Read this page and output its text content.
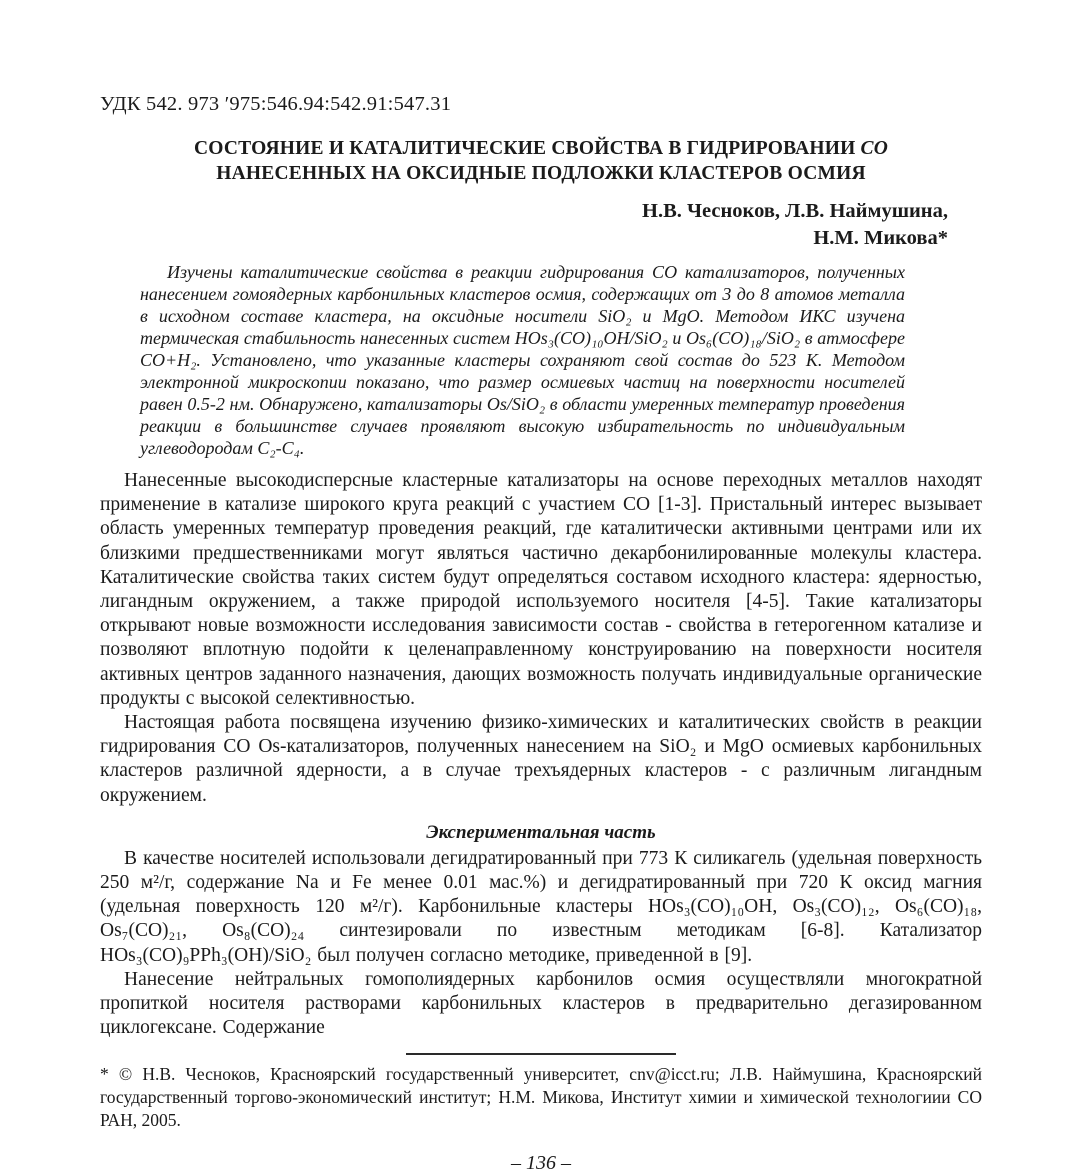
УДК 542. 973 ′975:546.94:542.91:547.31
СОСТОЯНИЕ И КАТАЛИТИЧЕСКИЕ СВОЙСТВА В ГИДРИРОВАНИИ СО
НАНЕСЕННЫХ НА ОКСИДНЫЕ ПОДЛОЖКИ КЛАСТЕРОВ ОСМИЯ
Н.В. Чесноков, Л.В. Наймушина,
Н.М. Микова*

Изучены каталитические свойства в реакции гидрирования СО катализаторов, полученных нанесением гомоядерных карбонильных кластеров осмия, содержащих от 3 до 8 атомов металла в исходном составе кластера, на оксидные носители SiO₂ и MgO. Методом ИКС изучена термическая стабильность нанесенных систем HOs₃(CO)₁₀OH/SiO₂ и Os₆(CO)₁₈/SiO₂ в атмосфере CO+H₂. Установлено, что указанные кластеры сохраняют свой состав до 523 К. Методом электронной микроскопии показано, что размер осмиевых частиц на поверхности носителей равен 0.5-2 нм. Обнаружено, катализаторы Os/SiO₂ в области умеренных температур проведения реакции в большинстве случаев проявляют высокую избирательность по индивидуальным углеводородам C₂-C₄.

Нанесенные высокодисперсные кластерные катализаторы на основе переходных металлов находят применение в катализе широкого круга реакций с участием СО [1-3]. Пристальный интерес вызывает область умеренных температур проведения реакций, где каталитически активными центрами или их близкими предшественниками могут являться частично декарбонилированные молекулы кластера. Каталитические свойства таких систем будут определяться составом исходного кластера: ядерностью, лигандным окружением, а также природой используемого носителя [4-5]. Такие катализаторы открывают новые возможности исследования зависимости состав - свойства в гетерогенном катализе и позволяют вплотную подойти к целенаправленному конструированию на поверхности носителя активных центров заданного назначения, дающих возможность получать индивидуальные органические продукты с высокой селективностью.

Настоящая работа посвящена изучению физико-химических и каталитических свойств в реакции гидрирования СО Os-катализаторов, полученных нанесением на SiO₂ и MgO осмиевых карбонильных кластеров различной ядерности, а в случае трехъядерных кластеров - с различным лигандным окружением.

Экспериментальная часть

В качестве носителей использовали дегидратированный при 773 К силикагель (удельная поверхность 250 м²/г, содержание Na и Fe менее 0.01 мас.%) и дегидратированный при 720 К оксид магния (удельная поверхность 120 м²/г). Карбонильные кластеры HOs₃(CO)₁₀OH, Os₃(CO)₁₂, Os₆(CO)₁₈, Os₇(CO)₂₁, Os₈(CO)₂₄ синтезировали по известным методикам [6-8]. Катализатор HOs₃(CO)₉PPh₃(OH)/SiO₂ был получен согласно методике, приведенной в [9].

Нанесение нейтральных гомополиядерных карбонилов осмия осуществляли многократной пропиткой носителя растворами карбонильных кластеров в предварительно дегазированном циклогексане. Содержание

* © Н.В. Чесноков, Красноярский государственный университет, cnv@icct.ru; Л.В. Наймушина, Красноярский государственный торгово-экономический институт; Н.М. Микова, Институт химии и химической технологиии СО РАН, 2005.

– 136 –
